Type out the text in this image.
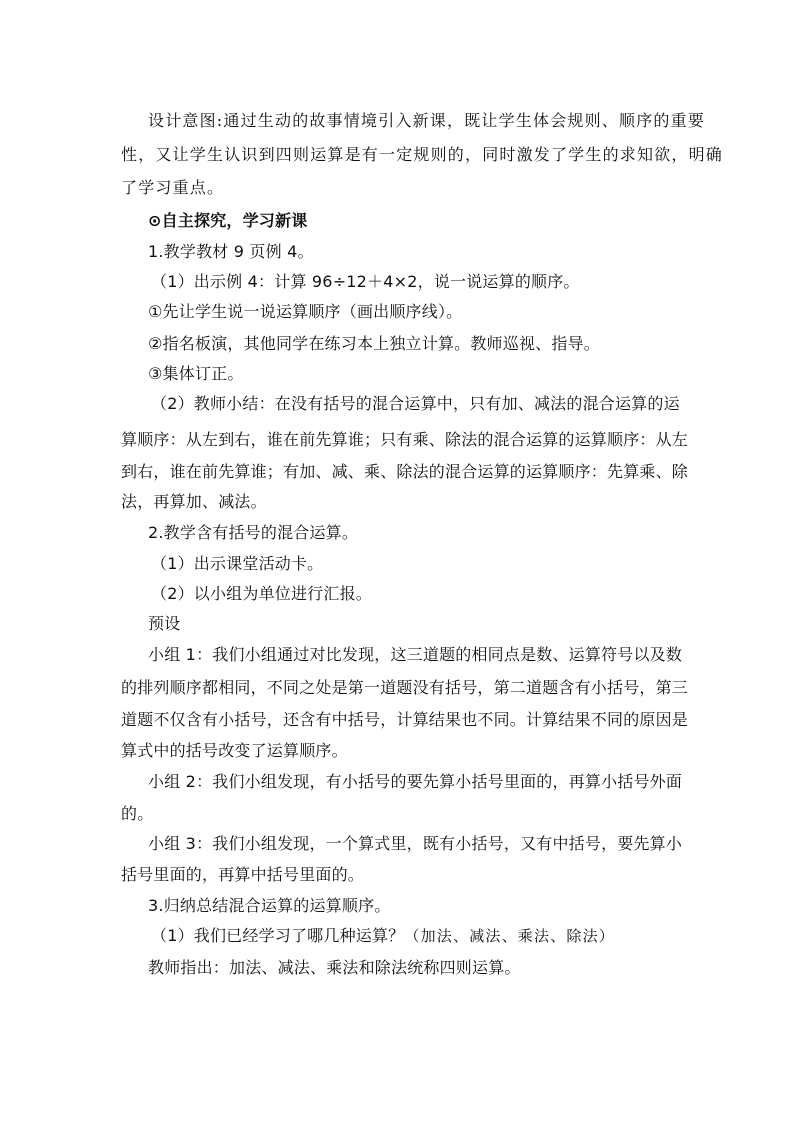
设计意图:通过生动的故事情境引入新课，既让学生体会规则、顺序的重要
性，又让学生认识到四则运算是有一定规则的，同时激发了学生的求知欲，明确
了学习重点。
⊙自主探究，学习新课
1.教学教材 9 页例 4。
（1）出示例 4：计算 96÷12＋4×2，说一说运算的顺序。
①先让学生说一说运算顺序（画出顺序线）。
②指名板演，其他同学在练习本上独立计算。教师巡视、指导。
③集体订正。
（2）教师小结：在没有括号的混合运算中，只有加、减法的混合运算的运
算顺序：从左到右，谁在前先算谁；只有乘、除法的混合运算的运算顺序：从左
到右，谁在前先算谁；有加、减、乘、除法的混合运算的运算顺序：先算乘、除
法，再算加、减法。
2.教学含有括号的混合运算。
（1）出示课堂活动卡。
（2）以小组为单位进行汇报。
预设
小组 1：我们小组通过对比发现，这三道题的相同点是数、运算符号以及数
的排列顺序都相同，不同之处是第一道题没有括号，第二道题含有小括号，第三
道题不仅含有小括号，还含有中括号，计算结果也不同。计算结果不同的原因是
算式中的括号改变了运算顺序。
小组 2：我们小组发现，有小括号的要先算小括号里面的，再算小括号外面
的。
小组 3：我们小组发现，一个算式里，既有小括号，又有中括号，要先算小
括号里面的，再算中括号里面的。
3.归纳总结混合运算的运算顺序。
（1）我们已经学习了哪几种运算？（加法、减法、乘法、除法）
教师指出：加法、减法、乘法和除法统称四则运算。
